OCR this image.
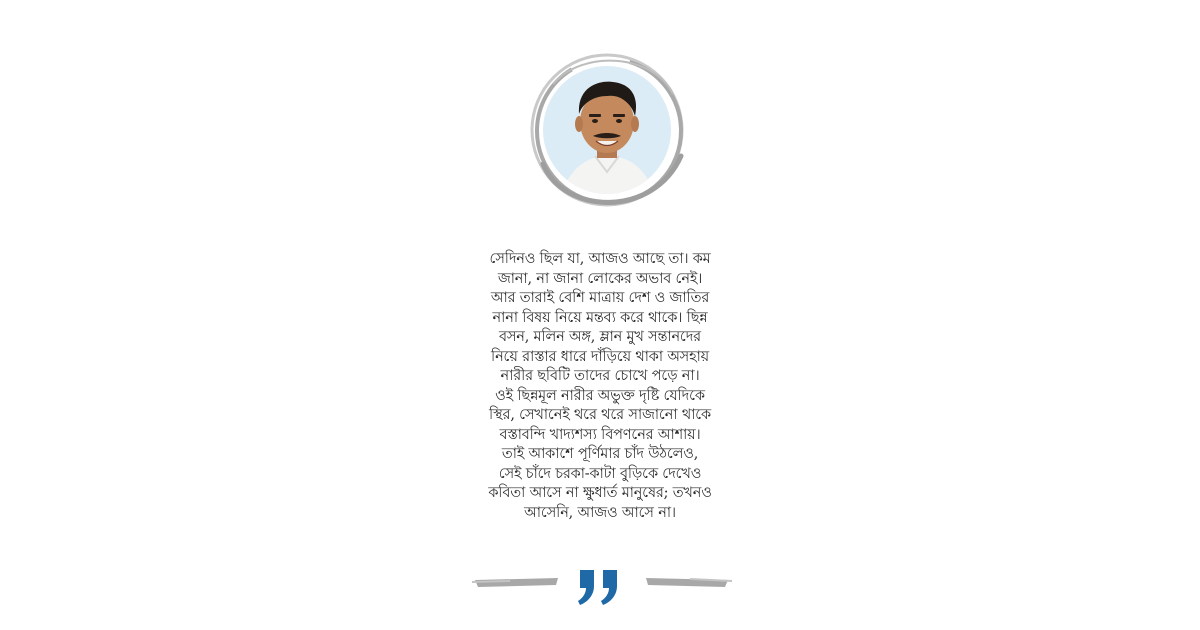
সেদিনও ছিল যা, আজও আছে তা। কম
জানা, না জানা লোকের অভাব নেই।
আর তারাই বেশি মাত্রায় দেশ ও জাতির
নানা বিষয় নিয়ে মন্তব্য করে থাকে। ছিন্ন
বসন, মলিন অঙ্গ, ম্লান মুখ সন্তানদের
নিয়ে রাস্তার ধারে দাঁড়িয়ে থাকা অসহায়
নারীর ছবিটি তাদের চোখে পড়ে না।
ওই ছিন্নমূল নারীর অভুক্ত দৃষ্টি যেদিকে
স্থির, সেখানেই থরে থরে সাজানো থাকে
বস্তাবন্দি খাদ্যশস্য বিপণনের আশায়।
তাই আকাশে পূর্ণিমার চাঁদ উঠলেও,
সেই চাঁদে চরকা-কাটা বুড়িকে দেখেও
কবিতা আসে না ক্ষুধার্ত মানুষের; তখনও
আসেনি, আজও আসে না।
